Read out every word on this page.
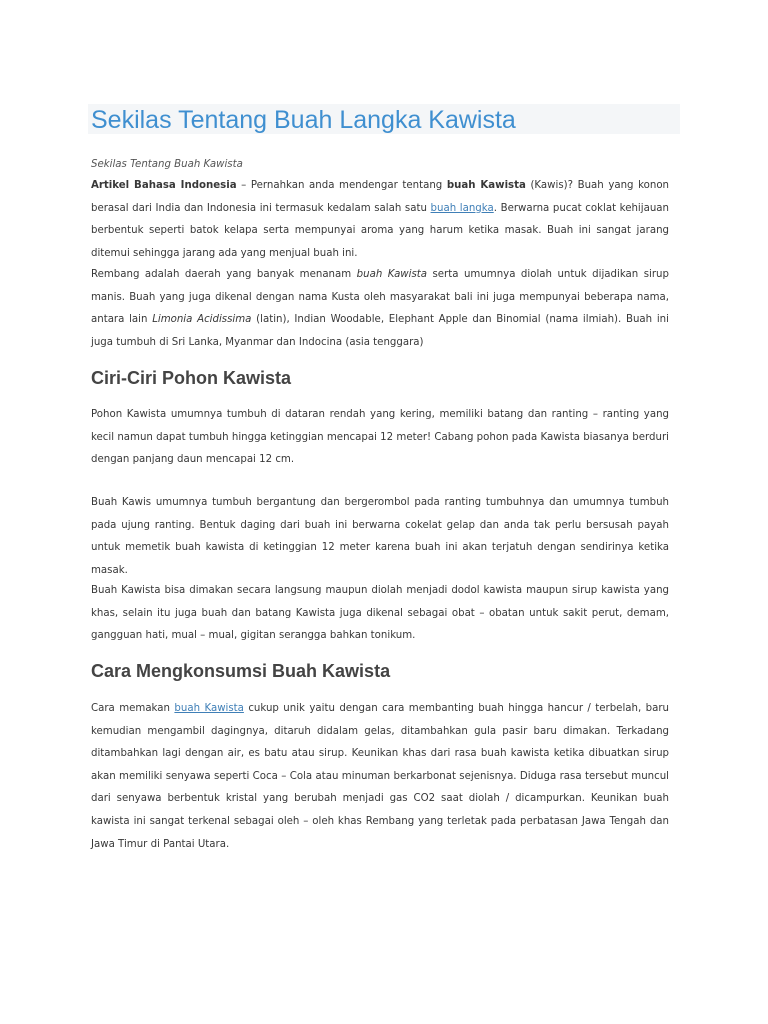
Sekilas Tentang Buah Langka Kawista

Sekilas Tentang Buah Kawista

Artikel Bahasa Indonesia – Pernahkan anda mendengar tentang buah Kawista (Kawis)? Buah yang konon berasal dari India dan Indonesia ini termasuk kedalam salah satu buah langka. Berwarna pucat coklat kehijauan berbentuk seperti batok kelapa serta mempunyai aroma yang harum ketika masak. Buah ini sangat jarang ditemui sehingga jarang ada yang menjual buah ini.

Rembang adalah daerah yang banyak menanam buah Kawista serta umumnya diolah untuk dijadikan sirup manis. Buah yang juga dikenal dengan nama Kusta oleh masyarakat bali ini juga mempunyai beberapa nama, antara lain Limonia Acidissima (latin), Indian Woodable, Elephant Apple dan Binomial (nama ilmiah). Buah ini juga tumbuh di Sri Lanka, Myanmar dan Indocina (asia tenggara)

Ciri-Ciri Pohon Kawista

Pohon Kawista umumnya tumbuh di dataran rendah yang kering, memiliki batang dan ranting – ranting yang kecil namun dapat tumbuh hingga ketinggian mencapai 12 meter! Cabang pohon pada Kawista biasanya berduri dengan panjang daun mencapai 12 cm.

Buah Kawis umumnya tumbuh bergantung dan bergerombol pada ranting tumbuhnya dan umumnya tumbuh pada ujung ranting. Bentuk daging dari buah ini berwarna cokelat gelap dan anda tak perlu bersusah payah untuk memetik buah kawista di ketinggian 12 meter karena buah ini akan terjatuh dengan sendirinya ketika masak.

Buah Kawista bisa dimakan secara langsung maupun diolah menjadi dodol kawista maupun sirup kawista yang khas, selain itu juga buah dan batang Kawista juga dikenal sebagai obat – obatan untuk sakit perut, demam, gangguan hati, mual – mual, gigitan serangga bahkan tonikum.

Cara Mengkonsumsi Buah Kawista

Cara memakan buah Kawista cukup unik yaitu dengan cara membanting buah hingga hancur / terbelah, baru kemudian mengambil dagingnya, ditaruh didalam gelas, ditambahkan gula pasir baru dimakan. Terkadang ditambahkan lagi dengan air, es batu atau sirup. Keunikan khas dari rasa buah kawista ketika dibuatkan sirup akan memiliki senyawa seperti Coca – Cola atau minuman berkarbonat sejenisnya. Diduga rasa tersebut muncul dari senyawa berbentuk kristal yang berubah menjadi gas CO2 saat diolah / dicampurkan. Keunikan buah kawista ini sangat terkenal sebagai oleh – oleh khas Rembang yang terletak pada perbatasan Jawa Tengah dan Jawa Timur di Pantai Utara.
